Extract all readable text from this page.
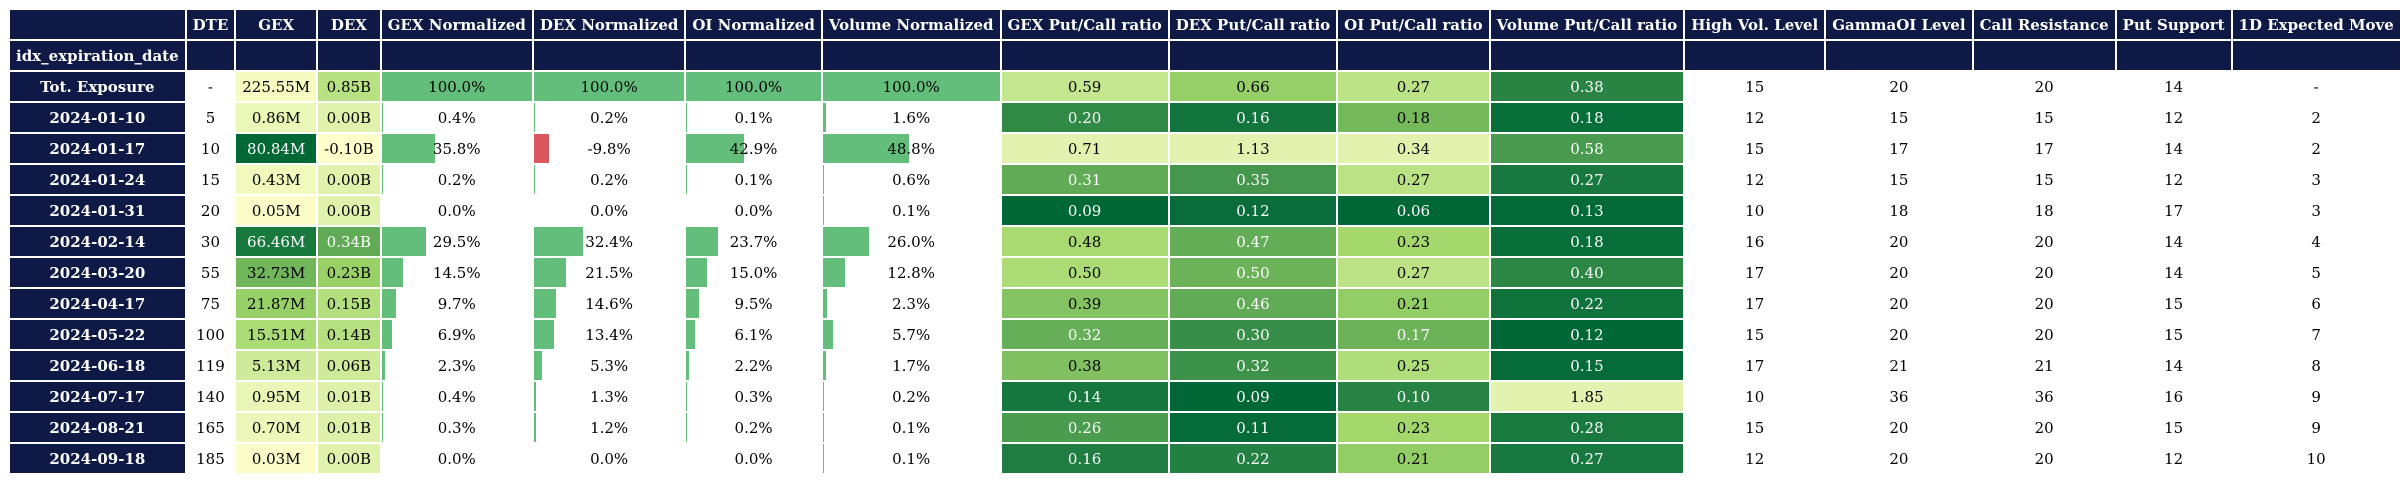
	DTE	GEX	DEX	GEX Normalized	DEX Normalized	OI Normalized	Volume Normalized	GEX Put/Call ratio	DEX Put/Call ratio	OI Put/Call ratio	Volume Put/Call ratio	High Vol. Level	GammaOI Level	Call Resistance	Put Support	1D Expected Move
idx_expiration_date																
Tot. Exposure	-	225.55M	0.85B	100.0%	100.0%	100.0%	100.0%	0.59	0.66	0.27	0.38	15	20	20	14	-
2024-01-10	5	0.86M	0.00B	0.4%	0.2%	0.1%	1.6%	0.20	0.16	0.18	0.18	12	15	15	12	2
2024-01-17	10	80.84M	-0.10B	35.8%	-9.8%	42.9%	48.8%	0.71	1.13	0.34	0.58	15	17	17	14	2
2024-01-24	15	0.43M	0.00B	0.2%	0.2%	0.1%	0.6%	0.31	0.35	0.27	0.27	12	15	15	12	3
2024-01-31	20	0.05M	0.00B	0.0%	0.0%	0.0%	0.1%	0.09	0.12	0.06	0.13	10	18	18	17	3
2024-02-14	30	66.46M	0.34B	29.5%	32.4%	23.7%	26.0%	0.48	0.47	0.23	0.18	16	20	20	14	4
2024-03-20	55	32.73M	0.23B	14.5%	21.5%	15.0%	12.8%	0.50	0.50	0.27	0.40	17	20	20	14	5
2024-04-17	75	21.87M	0.15B	9.7%	14.6%	9.5%	2.3%	0.39	0.46	0.21	0.22	17	20	20	15	6
2024-05-22	100	15.51M	0.14B	6.9%	13.4%	6.1%	5.7%	0.32	0.30	0.17	0.12	15	20	20	15	7
2024-06-18	119	5.13M	0.06B	2.3%	5.3%	2.2%	1.7%	0.38	0.32	0.25	0.15	17	21	21	14	8
2024-07-17	140	0.95M	0.01B	0.4%	1.3%	0.3%	0.2%	0.14	0.09	0.10	1.85	10	36	36	16	9
2024-08-21	165	0.70M	0.01B	0.3%	1.2%	0.2%	0.1%	0.26	0.11	0.23	0.28	15	20	20	15	9
2024-09-18	185	0.03M	0.00B	0.0%	0.0%	0.0%	0.1%	0.16	0.22	0.21	0.27	12	20	20	12	10
